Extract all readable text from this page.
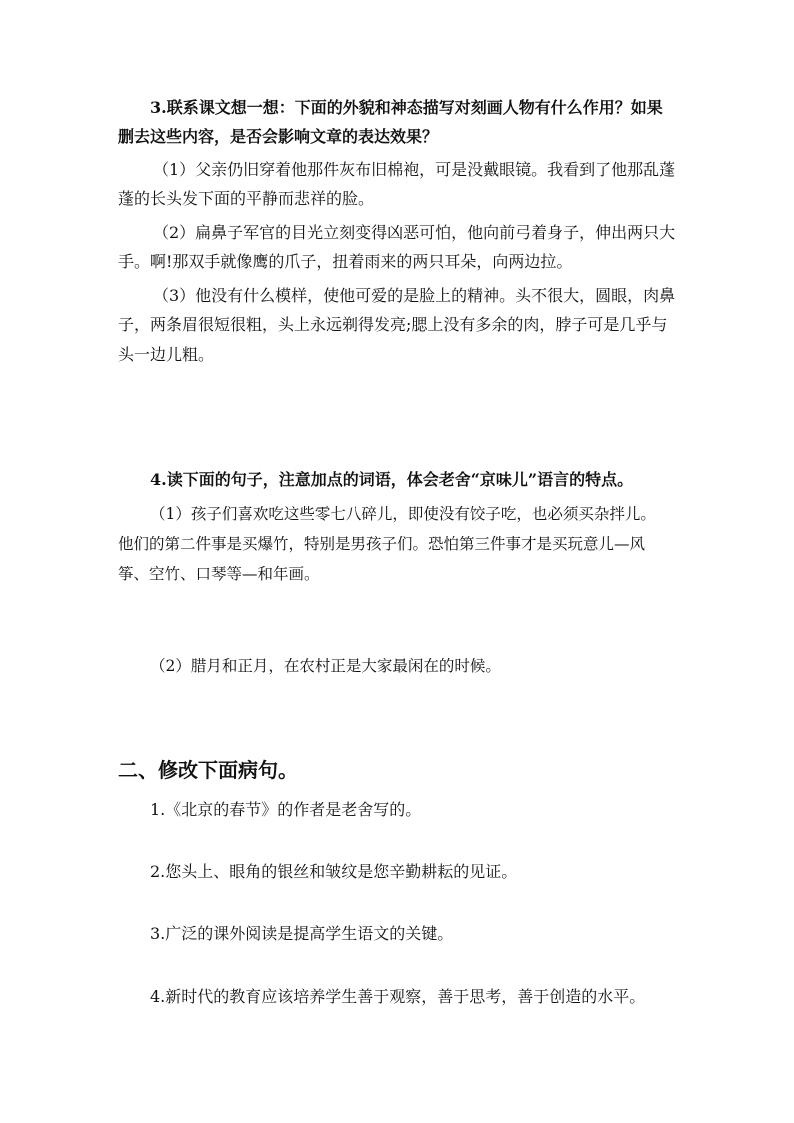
3.联系课文想一想：下面的外貌和神态描写对刻画人物有什么作用？如果
删去这些内容，是否会影响文章的表达效果？
（1）父亲仍旧穿着他那件灰布旧棉袍，可是没戴眼镜。我看到了他那乱蓬
蓬的长头发下面的平静而悲祥的脸。
（2）扁鼻子军官的目光立刻变得凶恶可怕，他向前弓着身子，伸出两只大
手。啊!那双手就像鹰的爪子，扭着雨来的两只耳朵，向两边拉。
（3）他没有什么模样，使他可爱的是脸上的精神。头不很大，圆眼，肉鼻
子，两条眉很短很粗，头上永远剃得发亮;腮上没有多余的肉，脖子可是几乎与
头一边儿粗。
4.读下面的句子，注意加点的词语，体会老舍“京味儿”语言的特点。
（1）孩子们喜欢吃这些零七八碎儿，即使没有饺子吃，也必须买杂拌儿。
他们的第二件事是买爆竹，特别是男孩子们。恐怕第三件事才是买玩意儿—风
筝、空竹、口琴等—和年画。
（2）腊月和正月，在农村正是大家最闲在的时候。
二、修改下面病句。
1.《北京的春节》的作者是老舍写的。
2.您头上、眼角的银丝和皱纹是您辛勤耕耘的见证。
3.广泛的课外阅读是提高学生语文的关键。
4.新时代的教育应该培养学生善于观察，善于思考，善于创造的水平。
